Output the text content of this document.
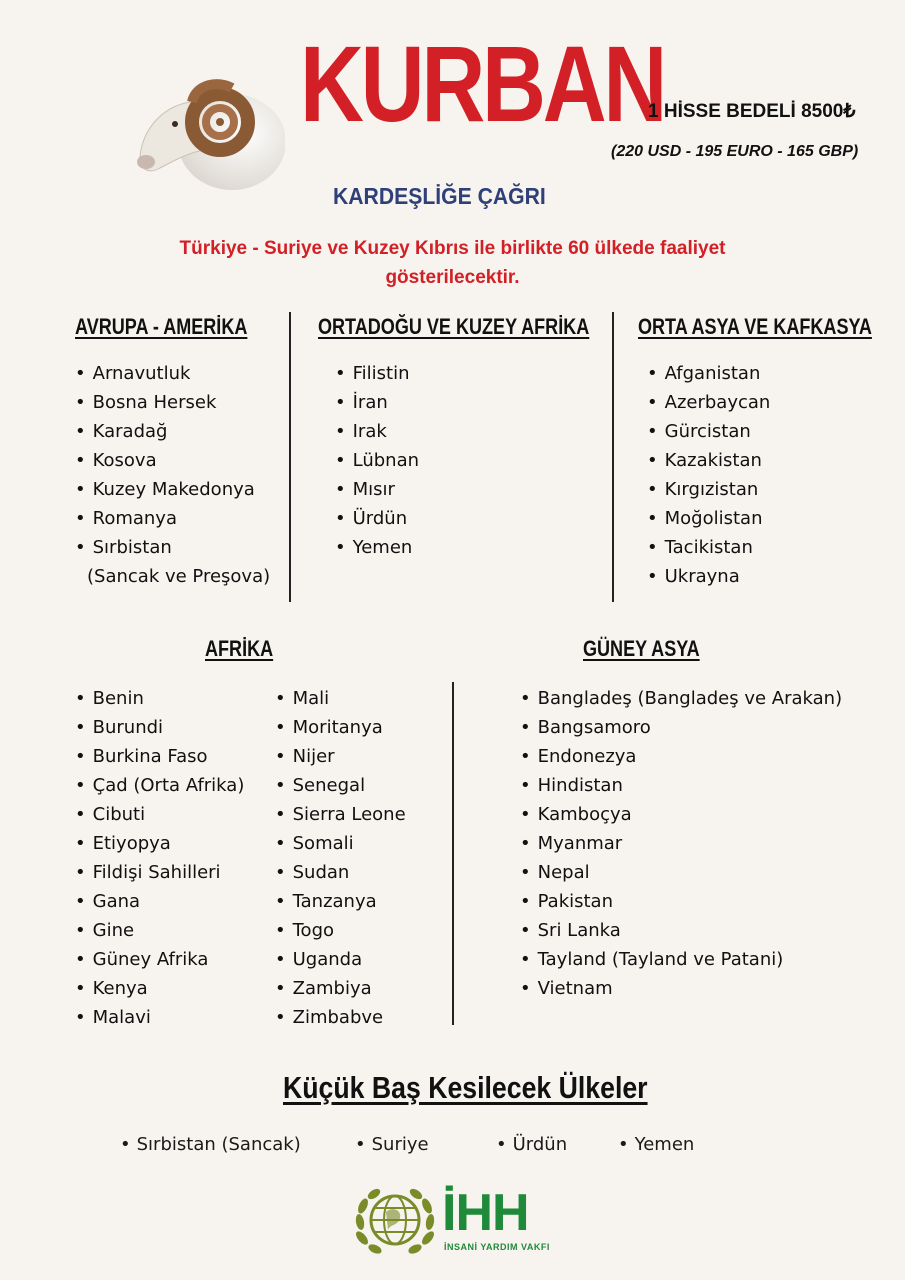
KURBAN
KARDEŞLİĞE ÇAĞRI
1 HİSSE BEDELİ 8500₺
(220 USD - 195 EURO - 165 GBP)
Türkiye - Suriye ve Kuzey Kıbrıs ile birlikte 60 ülkede faaliyet
gösterilecektir.
AVRUPA - AMERİKA
• Arnavutluk
• Bosna Hersek
• Karadağ
• Kosova
• Kuzey Makedonya
• Romanya
• Sırbistan
(Sancak ve Preşova)
ORTADOĞU VE KUZEY AFRİKA
• Filistin
• İran
• Irak
• Lübnan
• Mısır
• Ürdün
• Yemen
ORTA ASYA VE KAFKASYA
• Afganistan
• Azerbaycan
• Gürcistan
• Kazakistan
• Kırgızistan
• Moğolistan
• Tacikistan
• Ukrayna
AFRİKA
• Benin
• Burundi
• Burkina Faso
• Çad (Orta Afrika)
• Cibuti
• Etiyopya
• Fildişi Sahilleri
• Gana
• Gine
• Güney Afrika
• Kenya
• Malavi
• Mali
• Moritanya
• Nijer
• Senegal
• Sierra Leone
• Somali
• Sudan
• Tanzanya
• Togo
• Uganda
• Zambiya
• Zimbabve
GÜNEY ASYA
• Bangladeş (Bangladeş ve Arakan)
• Bangsamoro
• Endonezya
• Hindistan
• Kamboçya
• Myanmar
• Nepal
• Pakistan
• Sri Lanka
• Tayland (Tayland ve Patani)
• Vietnam
Küçük Baş Kesilecek Ülkeler
• Sırbistan (Sancak)	• Suriye	• Ürdün	• Yemen
İHH
İNSANİ YARDIM VAKFI
